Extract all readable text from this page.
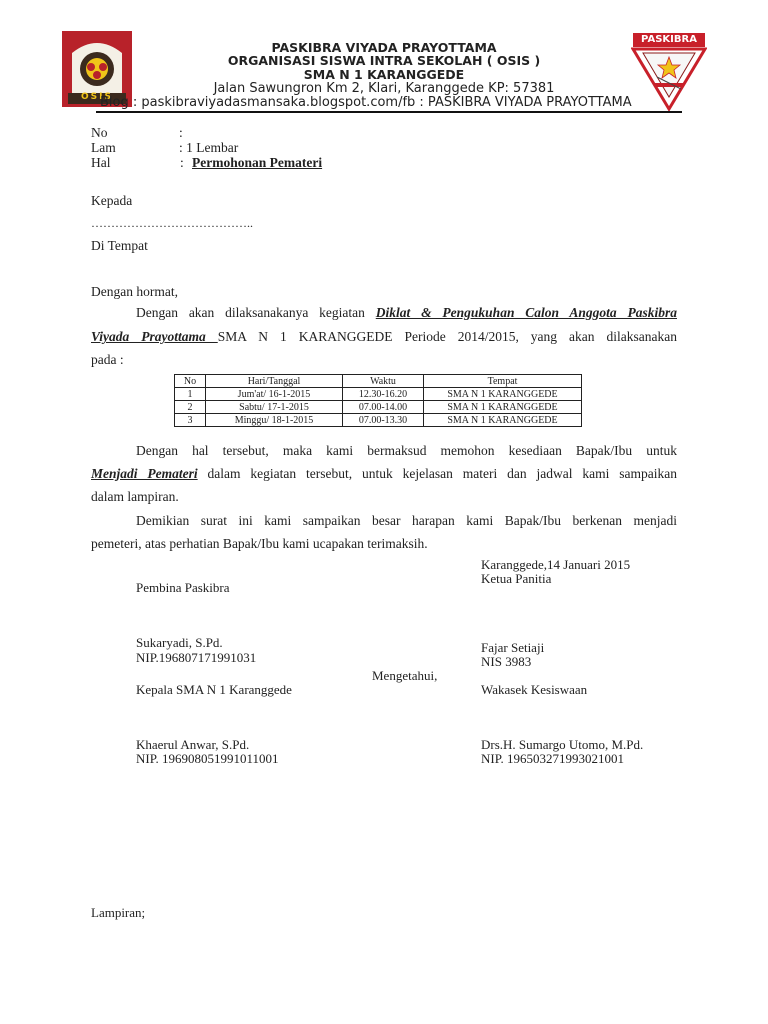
OSIS
PASKIBRA
PASKIBRA VIYADA PRAYOTTAMA
ORGANISASI SISWA INTRA SEKOLAH ( OSIS )
SMA N 1 KARANGGEDE
Jalan Sawungron Km 2, Klari, Karanggede KP: 57381
Blog : paskibraviyadasmansaka.blogspot.com/fb : PASKIBRA VIYADA PRAYOTTAMA
No	:
Lam	: 1 Lembar
Hal	: Permohonan Pemateri
Kepada
…………………………………..
Di Tempat
Dengan hormat,
Dengan akan dilaksanakanya kegiatan Diklat & Pengukuhan Calon Anggota Paskibra
Viyada Prayottama SMA N 1 KARANGGEDE Periode 2014/2015, yang akan dilaksanakan
pada :
No	Hari/Tanggal	Waktu	Tempat
1	Jum'at/ 16-1-2015	12.30-16.20	SMA N 1 KARANGGEDE
2	Sabtu/ 17-1-2015	07.00-14.00	SMA N 1 KARANGGEDE
3	Minggu/ 18-1-2015	07.00-13.30	SMA N 1 KARANGGEDE
Dengan hal tersebut, maka kami bermaksud memohon kesediaan Bapak/Ibu untuk
Menjadi Pemateri dalam kegiatan tersebut, untuk kejelasan materi dan jadwal kami sampaikan
dalam lampiran.
Demikian surat ini kami sampaikan besar harapan kami Bapak/Ibu berkenan menjadi
pemeteri, atas perhatian Bapak/Ibu kami ucapakan terimaksih.
Karanggede,14 Januari 2015
Ketua Panitia
Pembina Paskibra
Sukaryadi, S.Pd.
NIP.196807171991031
Fajar Setiaji
NIS 3983
Mengetahui,
Kepala SMA N 1 Karanggede	Wakasek Kesiswaan
Khaerul Anwar, S.Pd.
NIP. 196908051991011001
Drs.H. Sumargo Utomo, M.Pd.
NIP. 196503271993021001
Lampiran;
